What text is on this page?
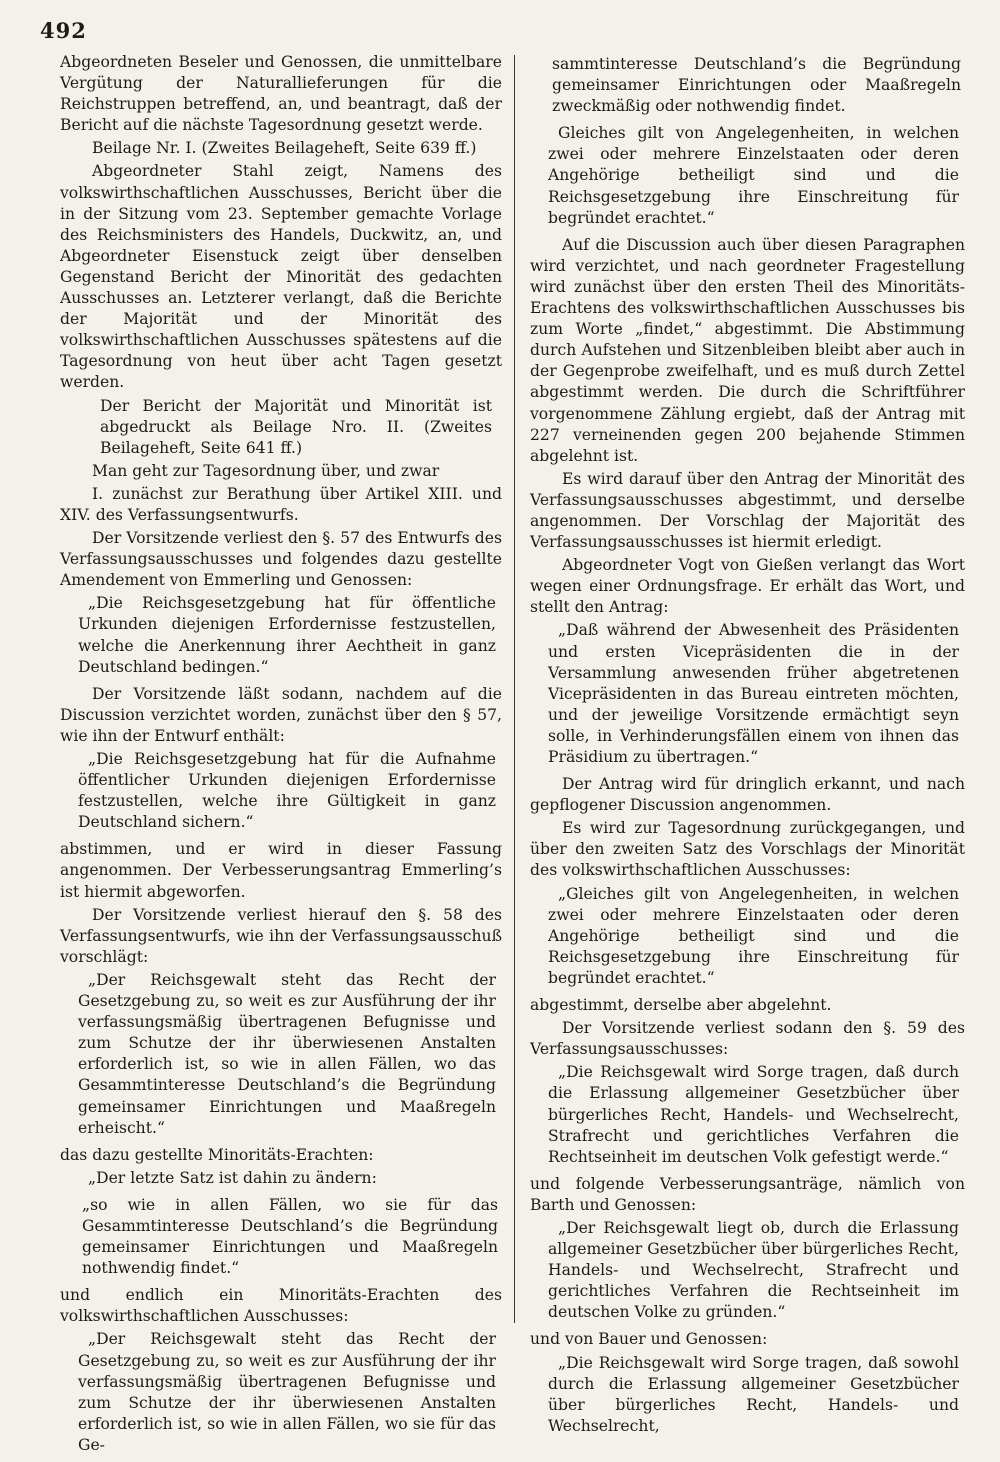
492

Abgeordneten Beseler und Genossen, die unmittelbare Vergütung der Naturallieferungen für die Reichstruppen betreffend, an, und beantragt, daß der Bericht auf die nächste Tagesordnung gesetzt werde.

Beilage Nr. I. (Zweites Beilageheft, Seite 639 ff.)

Abgeordneter Stahl zeigt, Namens des volkswirthschaftlichen Ausschusses, Bericht über die in der Sitzung vom 23. September gemachte Vorlage des Reichsministers des Handels, Duckwitz, an, und Abgeordneter Eisenstuck zeigt über denselben Gegenstand Bericht der Minorität des gedachten Ausschusses an. Letzterer verlangt, daß die Berichte der Majorität und der Minorität des volkswirthschaftlichen Ausschusses spätestens auf die Tagesordnung von heut über acht Tagen gesetzt werden.

Der Bericht der Majorität und Minorität ist abgedruckt als Beilage Nro. II. (Zweites Beilageheft, Seite 641 ff.)

Man geht zur Tagesordnung über, und zwar

I. zunächst zur Berathung über Artikel XIII. und XIV. des Verfassungsentwurfs.

Der Vorsitzende verliest den §. 57 des Entwurfs des Verfassungsausschusses und folgendes dazu gestellte Amendement von Emmerling und Genossen:

„Die Reichsgesetzgebung hat für öffentliche Urkunden diejenigen Erfordernisse festzustellen, welche die Anerkennung ihrer Aechtheit in ganz Deutschland bedingen.“

Der Vorsitzende läßt sodann, nachdem auf die Discussion verzichtet worden, zunächst über den § 57, wie ihn der Entwurf enthält:

„Die Reichsgesetzgebung hat für die Aufnahme öffentlicher Urkunden diejenigen Erfordernisse festzustellen, welche ihre Gültigkeit in ganz Deutschland sichern.“

abstimmen, und er wird in dieser Fassung angenommen. Der Verbesserungsantrag Emmerling’s ist hiermit abgeworfen.

Der Vorsitzende verliest hierauf den §. 58 des Verfassungsentwurfs, wie ihn der Verfassungsausschuß vorschlägt:

„Der Reichsgewalt steht das Recht der Gesetzgebung zu, so weit es zur Ausführung der ihr verfassungsmäßig übertragenen Befugnisse und zum Schutze der ihr überwiesenen Anstalten erforderlich ist, so wie in allen Fällen, wo das Gesammtinteresse Deutschland’s die Begründung gemeinsamer Einrichtungen und Maaßregeln erheischt.“

das dazu gestellte Minoritäts-Erachten:

„Der letzte Satz ist dahin zu ändern:

„so wie in allen Fällen, wo sie für das Gesammtinteresse Deutschland’s die Begründung gemeinsamer Einrichtungen und Maaßregeln nothwendig findet.“

und endlich ein Minoritäts-Erachten des volkswirthschaftlichen Ausschusses:

„Der Reichsgewalt steht das Recht der Gesetzgebung zu, so weit es zur Ausführung der ihr verfassungsmäßig übertragenen Befugnisse und zum Schutze der ihr überwiesenen Anstalten erforderlich ist, so wie in allen Fällen, wo sie für das Ge-

sammtinteresse Deutschland’s die Begründung gemeinsamer Einrichtungen oder Maaßregeln zweckmäßig oder nothwendig findet.

Gleiches gilt von Angelegenheiten, in welchen zwei oder mehrere Einzelstaaten oder deren Angehörige betheiligt sind und die Reichsgesetzgebung ihre Einschreitung für begründet erachtet.“

Auf die Discussion auch über diesen Paragraphen wird verzichtet, und nach geordneter Fragestellung wird zunächst über den ersten Theil des Minoritäts-Erachtens des volkswirthschaftlichen Ausschusses bis zum Worte „findet,“ abgestimmt. Die Abstimmung durch Aufstehen und Sitzenbleiben bleibt aber auch in der Gegenprobe zweifelhaft, und es muß durch Zettel abgestimmt werden. Die durch die Schriftführer vorgenommene Zählung ergiebt, daß der Antrag mit 227 verneinenden gegen 200 bejahende Stimmen abgelehnt ist.

Es wird darauf über den Antrag der Minorität des Verfassungsausschusses abgestimmt, und derselbe angenommen. Der Vorschlag der Majorität des Verfassungsausschusses ist hiermit erledigt.

Abgeordneter Vogt von Gießen verlangt das Wort wegen einer Ordnungsfrage. Er erhält das Wort, und stellt den Antrag:

„Daß während der Abwesenheit des Präsidenten und ersten Vicepräsidenten die in der Versammlung anwesenden früher abgetretenen Vicepräsidenten in das Bureau eintreten möchten, und der jeweilige Vorsitzende ermächtigt seyn solle, in Verhinderungsfällen einem von ihnen das Präsidium zu übertragen.“

Der Antrag wird für dringlich erkannt, und nach gepflogener Discussion angenommen.

Es wird zur Tagesordnung zurückgegangen, und über den zweiten Satz des Vorschlags der Minorität des volkswirthschaftlichen Ausschusses:

„Gleiches gilt von Angelegenheiten, in welchen zwei oder mehrere Einzelstaaten oder deren Angehörige betheiligt sind und die Reichsgesetzgebung ihre Einschreitung für begründet erachtet.“

abgestimmt, derselbe aber abgelehnt.

Der Vorsitzende verliest sodann den §. 59 des Verfassungsausschusses:

„Die Reichsgewalt wird Sorge tragen, daß durch die Erlassung allgemeiner Gesetzbücher über bürgerliches Recht, Handels- und Wechselrecht, Strafrecht und gerichtliches Verfahren die Rechtseinheit im deutschen Volk gefestigt werde.“

und folgende Verbesserungsanträge, nämlich von Barth und Genossen:

„Der Reichsgewalt liegt ob, durch die Erlassung allgemeiner Gesetzbücher über bürgerliches Recht, Handels- und Wechselrecht, Strafrecht und gerichtliches Verfahren die Rechtseinheit im deutschen Volke zu gründen.“

und von Bauer und Genossen:

„Die Reichsgewalt wird Sorge tragen, daß sowohl durch die Erlassung allgemeiner Gesetzbücher über bürgerliches Recht, Handels- und Wechselrecht,
